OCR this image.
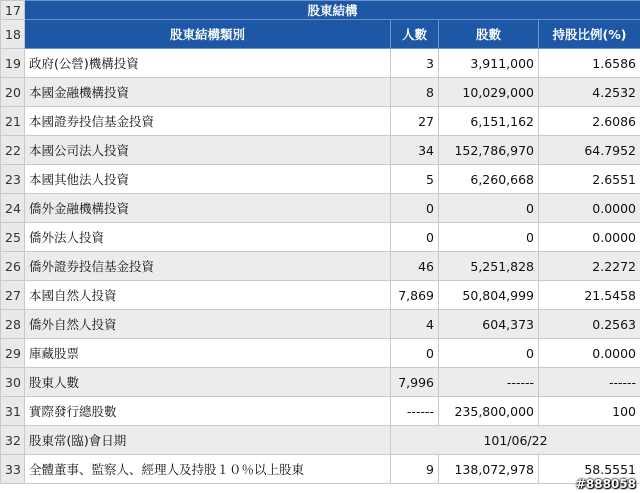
17	股東結構			
18	股東結構類別	人數	股數	持股比例(%)
19	政府(公營)機構投資	3	3,911,000	1.6586
20	本國金融機構投資	8	10,029,000	4.2532
21	本國證券投信基金投資	27	6,151,162	2.6086
22	本國公司法人投資	34	152,786,970	64.7952
23	本國其他法人投資	5	6,260,668	2.6551
24	僑外金融機構投資	0	0	0.0000
25	僑外法人投資	0	0	0.0000
26	僑外證券投信基金投資	46	5,251,828	2.2272
27	本國自然人投資	7,869	50,804,999	21.5458
28	僑外自然人投資	4	604,373	0.2563
29	庫藏股票	0	0	0.0000
30	股東人數	7,996	------	------
31	實際發行總股數	------	235,800,000	100
32	股東常(臨)會日期	101/06/22		
33	全體董事、監察人、經理人及持股１０％以上股東	9	138,072,978	58.5551
#888058
